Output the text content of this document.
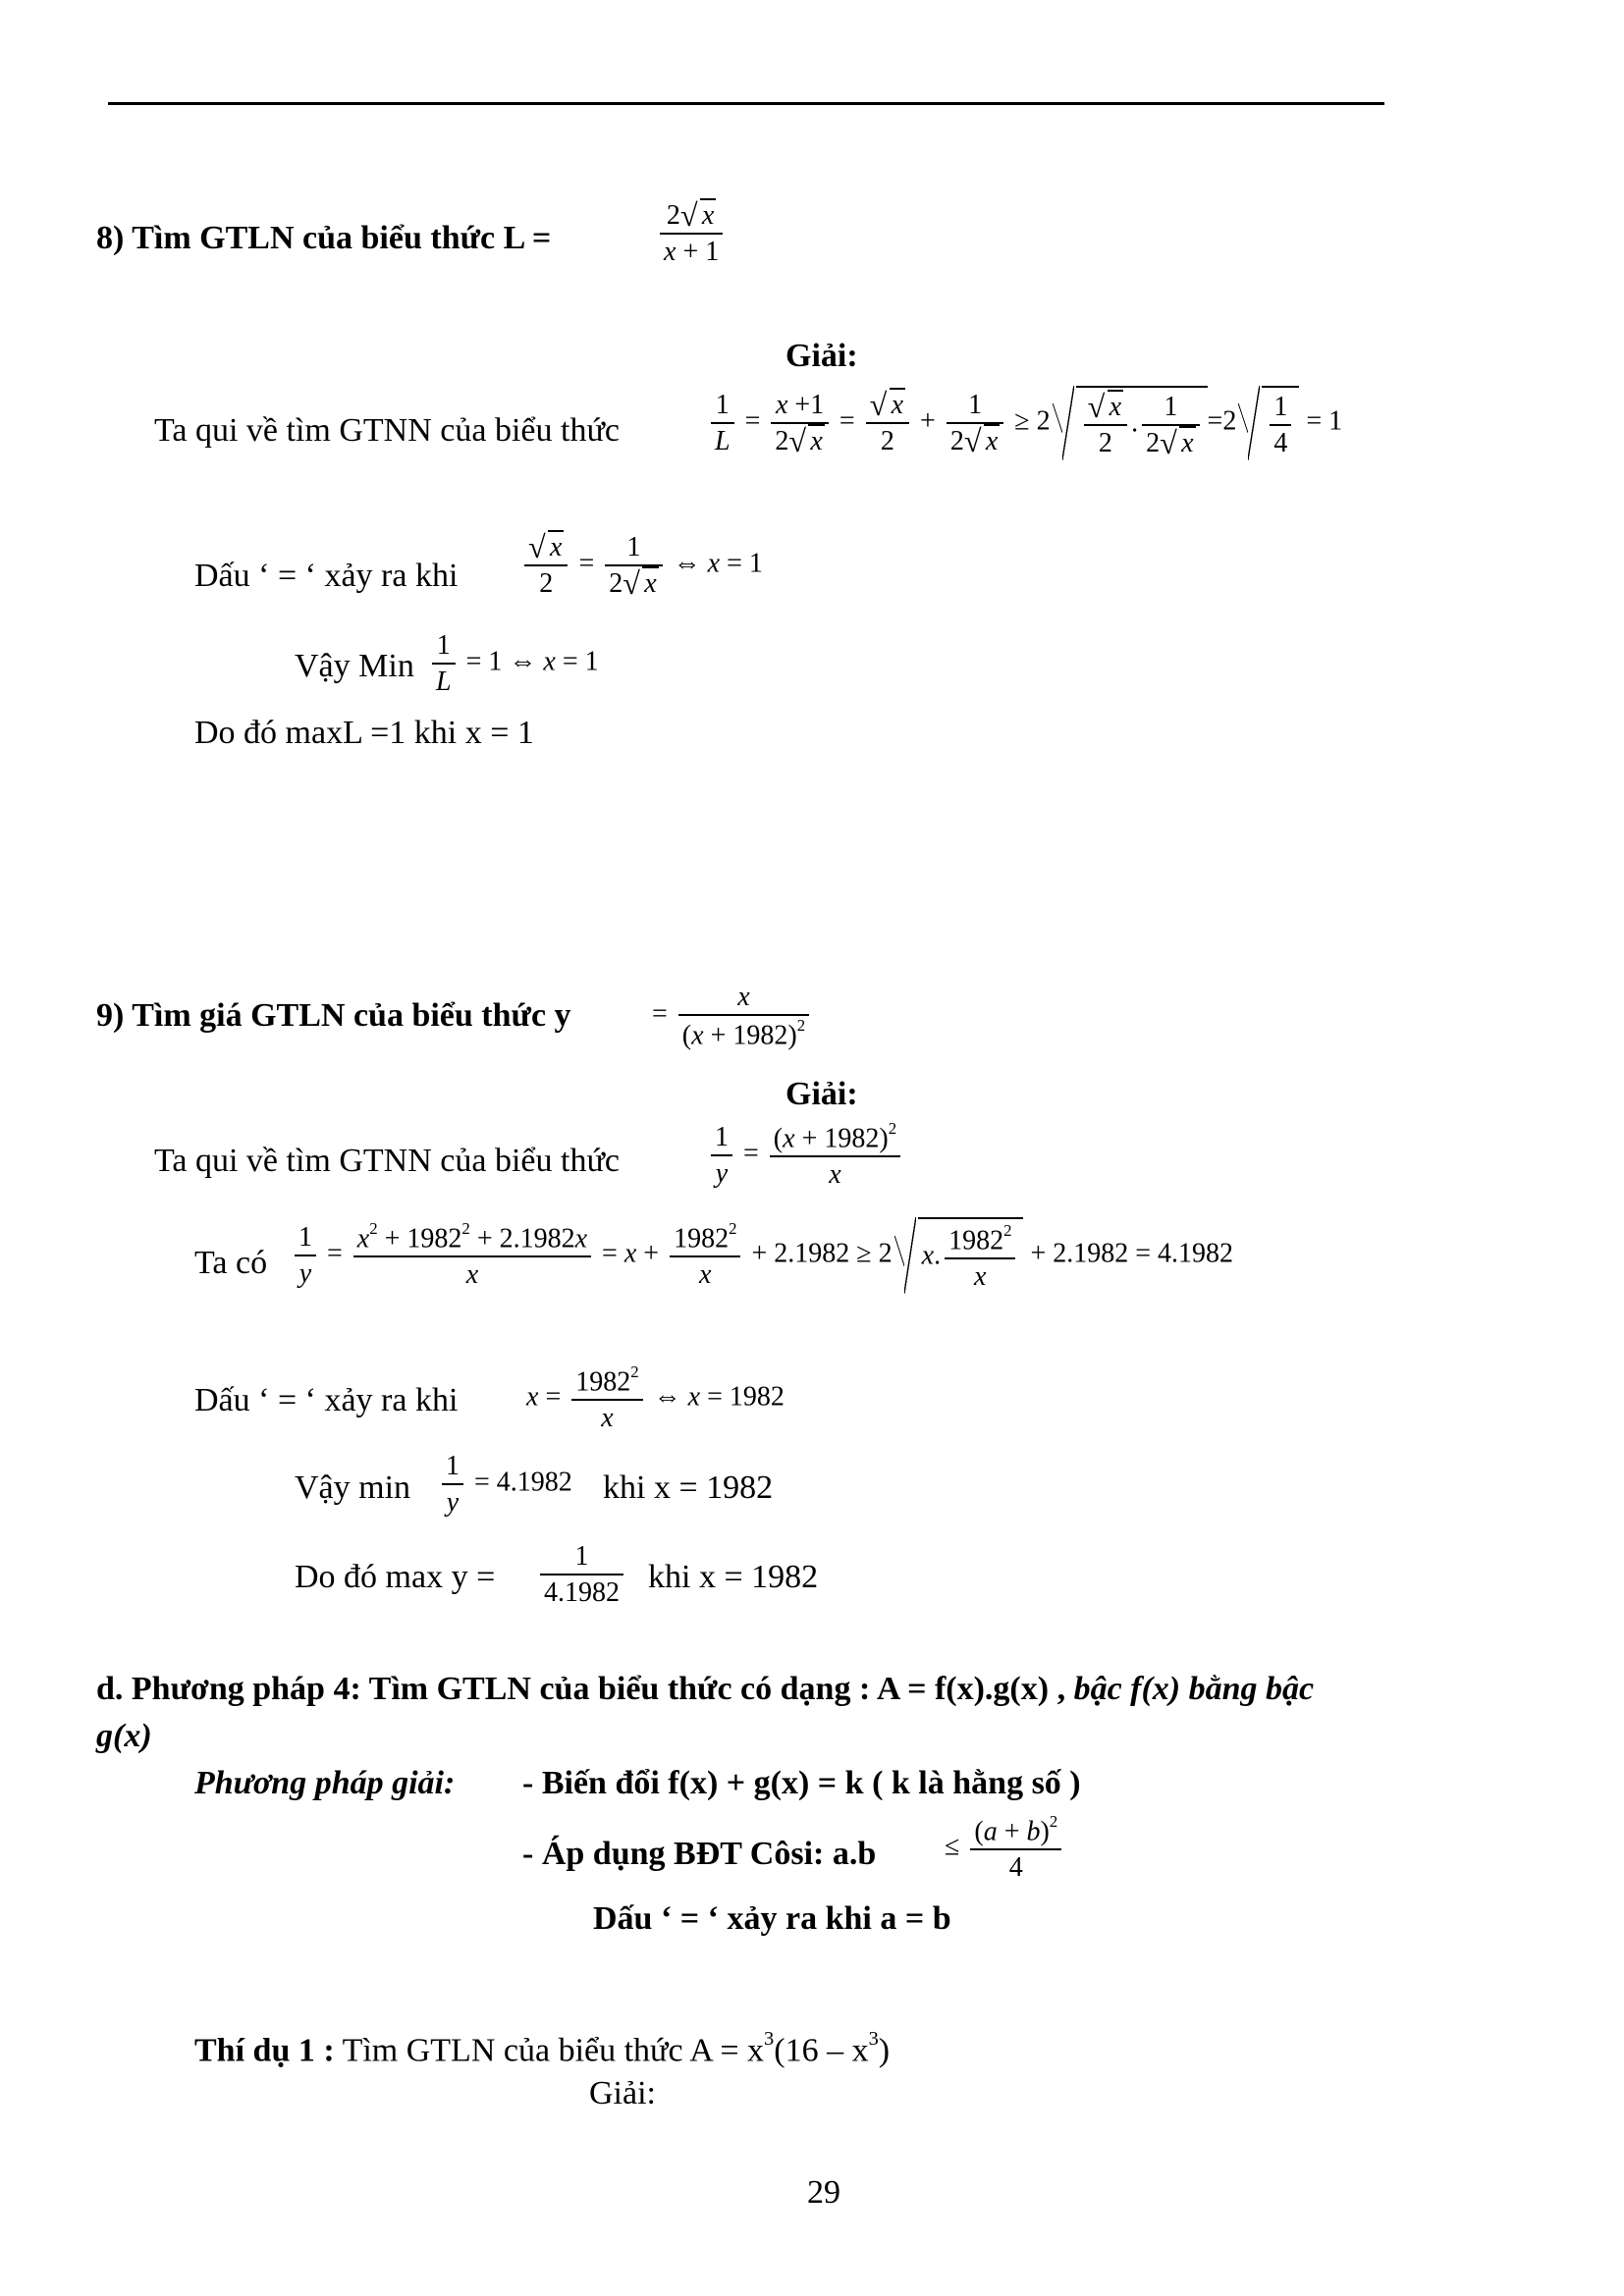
8) Tìm GTLN của biểu thức L =	$\frac{2 √ x}{x + 1}$
Giải:
Ta qui về tìm GTNN của biểu thức	$\frac{1}{L} = \frac{x +1}{2 √ x}$ = √ $\frac{x}{2} + \frac{1}{2 √ x} \ge 2$ √ $\frac{x}{2}$ . $\frac{1}{2 √ x} =2 \frac{1}{4} = 1$
Dấu ‘ = ‘ xảy ra khi √ $\frac{x}{2} = \frac{1}{2 √ x}$ ⇔ x = 1
Vậy Min $\frac{1}{L} = 1$ ⇔ x = 1
Do đó maxL =1 khi x = 1
9) Tìm giá GTLN của biểu thức y	= $\frac{x}{(x + 1982)^2}$
Giải:
Ta qui về tìm GTNN của biểu thức	$\frac{1}{y} = \frac{(x + 1982)^2}{x}$
Ta có $\frac{1}{y} = \frac{x^2 + 1982^2 + 2.1982x}{x} = x + \frac{1982^2}{x} + 2.1982 \ge 2$ x. $\frac{1982^2}{x} + 2.1982 = 4.1982$
Dấu ‘ = ‘ xảy ra khi $x = \frac{1982^2}{x}$ ⇔ x = 1982
Vậy $\min \frac{1}{y} = 4.1982$ khi x = 1982
Do đó $\max y = \frac{1}{4.1982}$ khi x = 1982
d. Phương pháp 4: Tìm GTLN của biểu thức có dạng : A = f(x).g(x) , bậc f(x) bằng bậc
g(x)
Phương pháp giải: - Biến đổi f(x) + g(x) = k ( k là hằng số )
- Áp dụng BĐT Côsi: $a.b \le \frac{(a + b)^2}{4}$
Dấu ‘ = ‘ xảy ra khi a = b
Thí dụ 1 : Tìm GTLN của biểu thức $A = x^3(16 - x^3)$
Giải:
29
